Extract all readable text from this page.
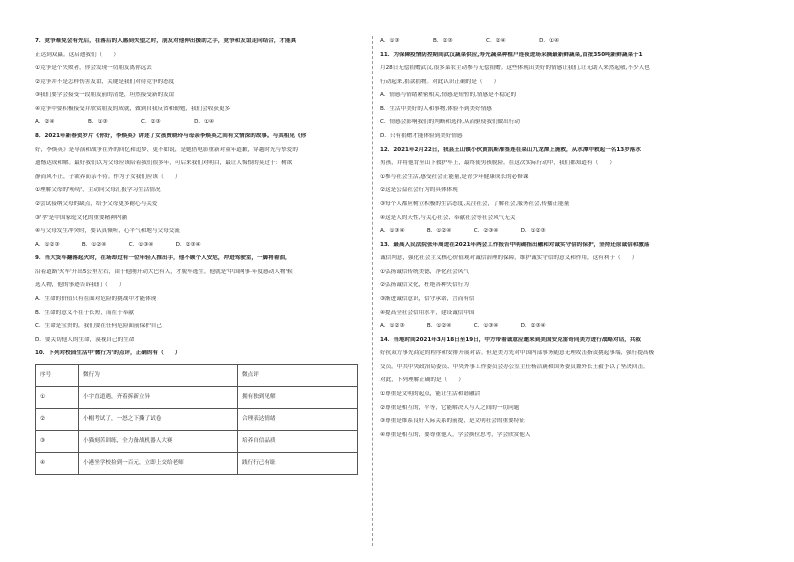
7．竞争难免会有先后，在落后的人感到失望之时，朋友对他伸出援助之手，竞争和友谊走向结合，才能真
正达到双赢。这启迪我们（　　）
①竞争是个失败者，你会发现一切朋友离你远去
②竞争并不是怎样伤害友谊，关键是我们对待竞争的态度
③我们要学会接受一段朋友前的清楚，坦然接受新的友谊
④竞争中要积极接受并欣赏朋友的成就，做到自我反省和勤勉，我们会收获更多
A．②④　　　　　　B．①③　　　　　　C．②③　　　　　　D．①④
8．2021年新春贺岁片《你好，李焕英》讲述了女孩贾晓玲与母亲李焕英之间有文情深的故事。与其相见《你
好，李焕英》是导演和战争在外的回忆和追梦，更不如说，是她借电影重新对童年道歉，穿越时光与挚爱的
遗憾达成和解。最好我们以为父母应该陪着我们很多年，可后来我们对明白，最让人悔恨的莫过于：树欲
静而风不止，子欲养而亲不待。作为子女我们应该（　　）
①理解父母的'唠叨'，主动向父母汇报学习生活情况
②尝试接纳父母的缺点，给予父母更多耐心与关爱
③'孝'是中国家庭文化的重要精神内涵
④与父母发生冲突时，要认真倾听，心平气和地与父母交流
A．①②③　　　　B．①②④　　　　C．①③④　　　　D．②③④
9．当大货车翻落起火时，在场却过有一位年轻人推出手，他不顾个人安危，冲进驾驶室，一脚将着油，
沿着道路'火车'开出5公里左右，由于他刚开动大巴有人，才脱车逃生。他就是'中国网事·年度感动人物'候
选人物，他的事迹告诉我们（　　）
A．生命的价值只有在面对危险的挑战中才能体现
B．生命的意义不在于长短，而在于奉献
C．生命是宝贵的，我们要在任何危险面前保护自己
D．要关切他人的生命，漠视自己的生命
10．下列对校园生活中'微行为'的点评，正确的有（　　）
序号	微行为	微点评
①	小宇直道遇，齐着拆新立异	拥有独到见解
②	小帽考试了，一怒之下撕了试卷	合理表达情绪
③	小猫刻苦训练，全力备战机器人大赛	培养自信品质
④	小港坐学校捡到一百元，立即上交给老师	践行行己有耻
A．①③　　　　　　B．②③　　　　　　C．②④　　　　　　D．①④
11．为保障疫情防控期间武汉蔬菜供应,寿光蔬菜种植户连夜进场采摘最新鲜蔬菜,首批350吨新鲜蔬菜于1
月28日无偿捐赠武汉,很多菜农主动参与无偿捐赠。这些体现出美好的情感让我们,让无助人来然起敬,不少人也
行动起来,捐款捐物。对此认识正确的是（　　）
A．情感与情绪紧密相关,情感是短暂的,情感是不稳定的
B．生活中美好的人和事物,体验不到美好情感
C．情感会影响我们的判断和选择,从而驱使我们做出行动
D．只有捐赠才能体验到美好情感
12．2021年2月22日，我县王山镇小伙黄凯斯准签连在菜山九龙潭上施救，从水潭中救起一名13岁落水
男孩，并将他背至山下救护车上，最终使男孩脱险。在这次实际行动中，我们都知道有（　　）
①参与社会生活,感受社会正能量,是青少年健康成长的必修课
②这是公益社会行为的具体体现
③每个人都应树立积极的生活态度,关注社会，了解社会,服务社会,传播正能量
④这是人的天性,与关心社会、奉献社会等社会风气无关
A．①③④　　　　B．①②④　　　　C．②③④　　　　D．①②③
13．最高人民法院张年周进在2021年两会工作报告中明确指出融和对诚实守信的保护，坚持还原诚信和激荡
诚信判意，强化社会主义核心价值观对诚信治理的保障，维护诚实守信的意义和作用，这有利于（　　）
①弘扬诚信传统美德，净化社会风气
②弘扬诚信文化，杜绝各种失信行为
③渐进诚信意识，信守承诺，言而有信
④提高全社会信用水平，建设诚信中国
A．①②③　　　　B．①②④　　　　C．①③④　　　　D．②③④
14．当地时间2021年3月18日至19日，中方带着诚意应邀来到美国安克雷奇同美方进行战略对话，共叙
好抗双方事先商定的程序和安排开展对话。但是美方先对中国内部事务随意无理攻击指责挑起事端，强行提高极
交员。中共中央政治局委员、中央外事工作委员会办公室主任杨洁篪和国务委员兼外长王毅予以了坚决回击。
对此，下列理解正确的是（　　）
①尊重是文明的起点，能让生活和谐融洽
②尊重是相互的，平等，它能解决人与人之间的一切问题
③尊重是维系良好人际关系的前提，是文明社会的重要特征
④尊重是相互的，要尊重他人，学会换位思考，学会欣赏他人
